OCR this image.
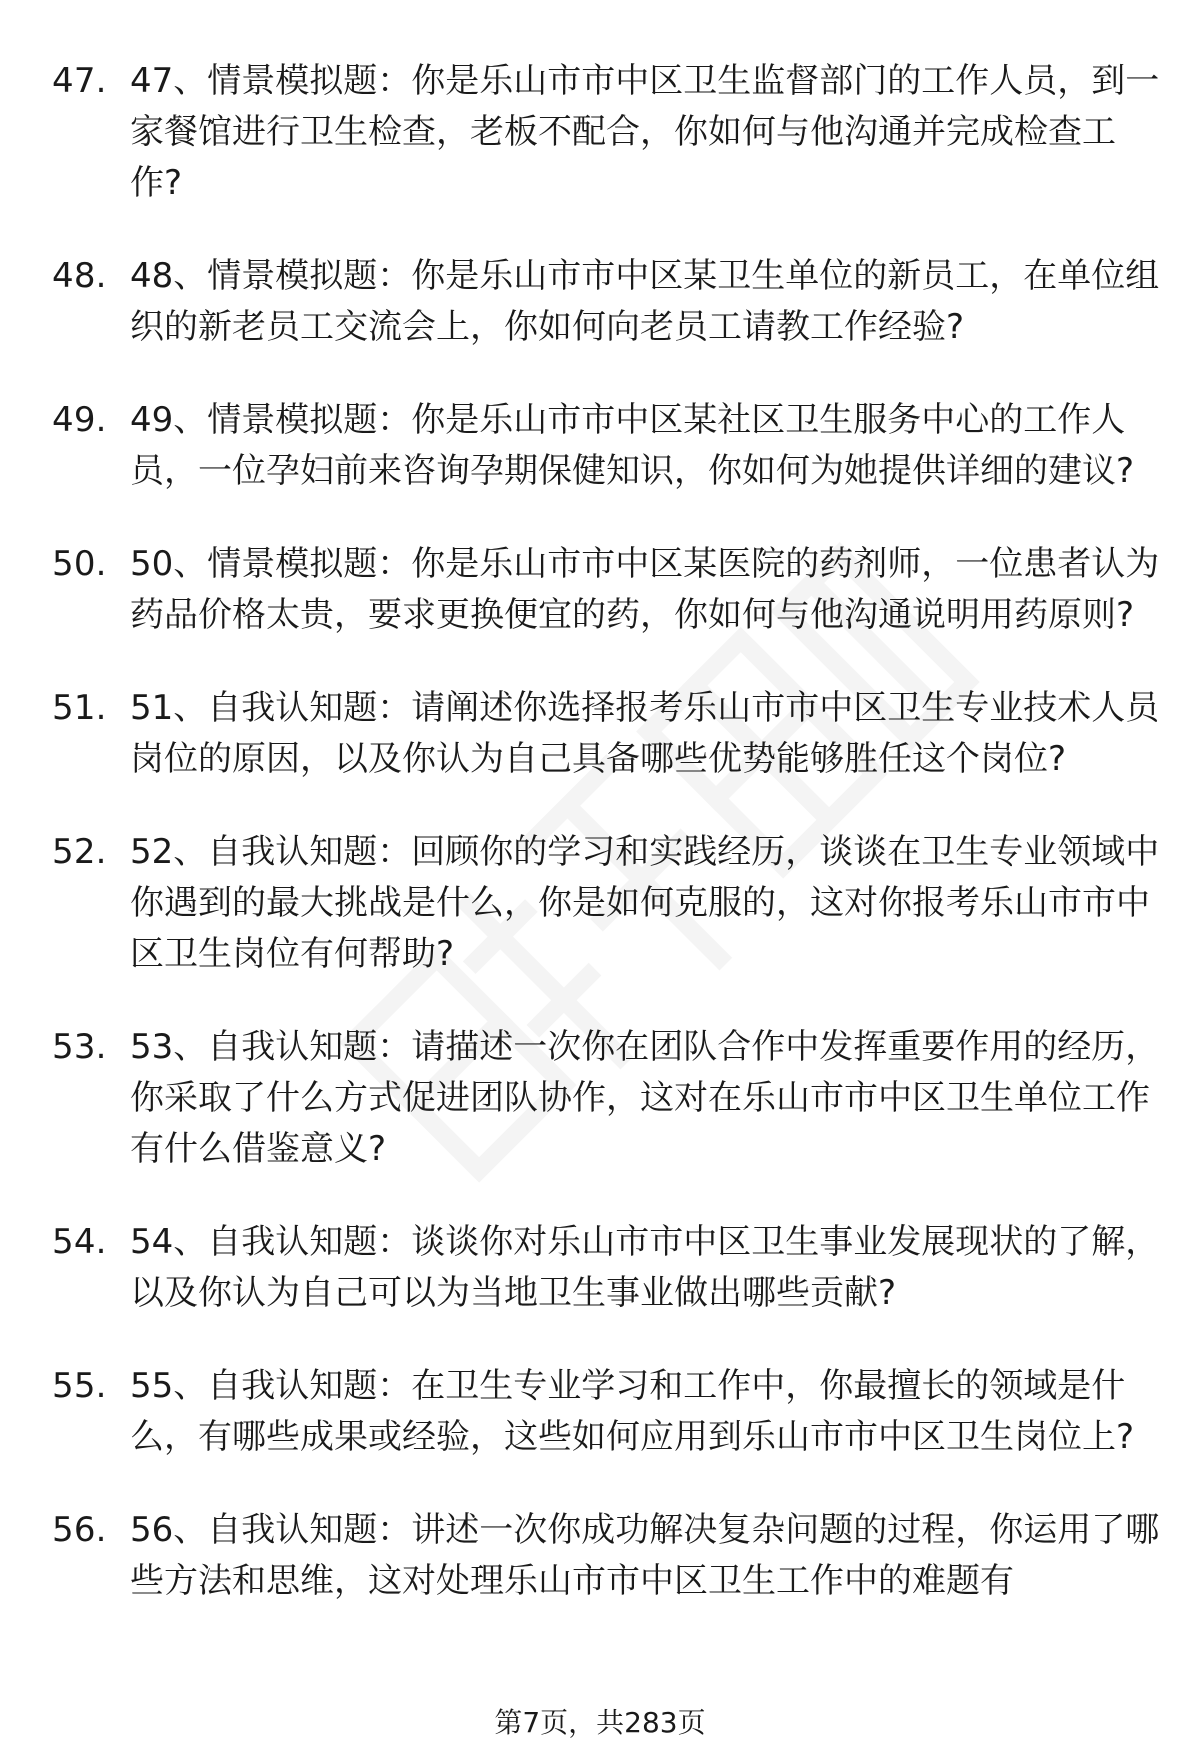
47. 47、情景模拟题：你是乐山市市中区卫生监督部门的工作人员，到一家餐馆进行卫生检查，老板不配合，你如何与他沟通并完成检查工作?
48. 48、情景模拟题：你是乐山市市中区某卫生单位的新员工，在单位组织的新老员工交流会上，你如何向老员工请教工作经验?
49. 49、情景模拟题：你是乐山市市中区某社区卫生服务中心的工作人员，一位孕妇前来咨询孕期保健知识，你如何为她提供详细的建议?
50. 50、情景模拟题：你是乐山市市中区某医院的药剂师，一位患者认为药品价格太贵，要求更换便宜的药，你如何与他沟通说明用药原则?
51. 51、自我认知题：请阐述你选择报考乐山市市中区卫生专业技术人员岗位的原因，以及你认为自己具备哪些优势能够胜任这个岗位?
52. 52、自我认知题：回顾你的学习和实践经历，谈谈在卫生专业领域中你遇到的最大挑战是什么，你是如何克服的，这对你报考乐山市市中区卫生岗位有何帮助?
53. 53、自我认知题：请描述一次你在团队合作中发挥重要作用的经历，你采取了什么方式促进团队协作，这对在乐山市市中区卫生单位工作有什么借鉴意义?
54. 54、自我认知题：谈谈你对乐山市市中区卫生事业发展现状的了解，以及你认为自己可以为当地卫生事业做出哪些贡献?
55. 55、自我认知题：在卫生专业学习和工作中，你最擅长的领域是什么，有哪些成果或经验，这些如何应用到乐山市市中区卫生岗位上?
56. 56、自我认知题：讲述一次你成功解决复杂问题的过程，你运用了哪些方法和思维，这对处理乐山市市中区卫生工作中的难题有
第7页，共283页
